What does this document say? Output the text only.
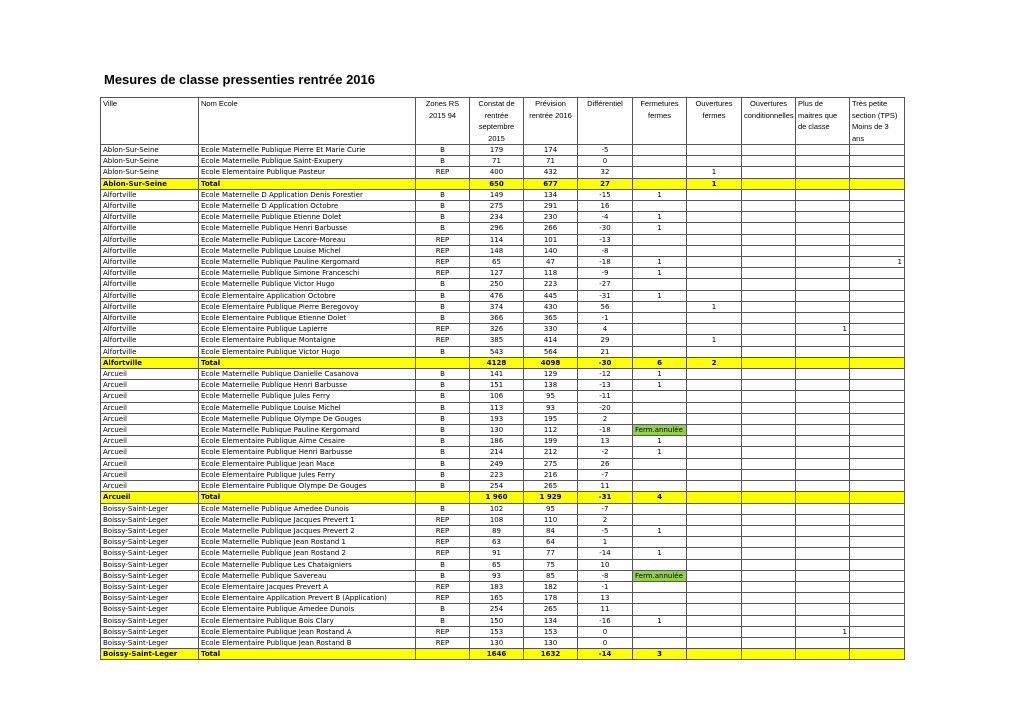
Mesures de classe pressenties rentrée 2016
Ville	Nom Ecole	Zones RS 2015 94	Constat de rentrée septembre 2015	Prévision rentrée 2016	Différentiel	Fermetures fermes	Ouvertures fermes	Ouvertures conditionnelles	Plus de maitres que de classe	Très petite section (TPS) Moins de 3 ans
Ablon-Sur-Seine	Ecole Maternelle Publique Pierre Et Marie Curie	B	179	174	-5					
Ablon-Sur-Seine	Ecole Maternelle Publique Saint-Exupery	B	71	71	0					
Ablon-Sur-Seine	Ecole Elementaire Publique Pasteur	REP	400	432	32		1			
Ablon-Sur-Seine	Total		650	677	27		1			
Alfortville	Ecole Maternelle D Application Denis Forestier	B	149	134	-15	1				
Alfortville	Ecole Maternelle D Application Octobre	B	275	291	16					
Alfortville	Ecole Maternelle Publique Etienne Dolet	B	234	230	-4	1				
Alfortville	Ecole Maternelle Publique Henri Barbusse	B	296	266	-30	1				
Alfortville	Ecole Maternelle Publique Lacore-Moreau	REP	114	101	-13					
Alfortville	Ecole Maternelle Publique Louise Michel	REP	148	140	-8					
Alfortville	Ecole Maternelle Publique Pauline Kergomard	REP	65	47	-18	1				1
Alfortville	Ecole Maternelle Publique Simone Franceschi	REP	127	118	-9	1				
Alfortville	Ecole Maternelle Publique Victor Hugo	B	250	223	-27					
Alfortville	Ecole Elementaire Application Octobre	B	476	445	-31	1				
Alfortville	Ecole Elementaire Publique Pierre Beregovoy	B	374	430	56		1			
Alfortville	Ecole Elementaire Publique Etienne Dolet	B	366	365	-1					
Alfortville	Ecole Elementaire Publique Lapierre	REP	326	330	4				1	
Alfortville	Ecole Elementaire Publique Montaigne	REP	385	414	29		1			
Alfortville	Ecole Elementaire Publique Victor Hugo	B	543	564	21					
Alfortville	Total		4128	4098	-30	6	2			
Arcueil	Ecole Maternelle Publique Danielle Casanova	B	141	129	-12	1				
Arcueil	Ecole Maternelle Publique Henri Barbusse	B	151	138	-13	1				
Arcueil	Ecole Maternelle Publique Jules Ferry	B	106	95	-11					
Arcueil	Ecole Maternelle Publique Louise Michel	B	113	93	-20					
Arcueil	Ecole Maternelle Publique Olympe De Gouges	B	193	195	2					
Arcueil	Ecole Maternelle Publique Pauline Kergomard	B	130	112	-18	Ferm.annulée				
Arcueil	Ecole Elementaire Publique Aime Cesaire	B	186	199	13	1				
Arcueil	Ecole Elementaire Publique Henri Barbusse	B	214	212	-2	1				
Arcueil	Ecole Elementaire Publique Jean Mace	B	249	275	26					
Arcueil	Ecole Elementaire Publique Jules Ferry	B	223	216	-7					
Arcueil	Ecole Elementaire Publique Olympe De Gouges	B	254	265	11					
Arcueil	Total		1 960	1 929	-31	4				
Boissy-Saint-Leger	Ecole Maternelle Publique Amedee Dunois	B	102	95	-7					
Boissy-Saint-Leger	Ecole Maternelle Publique Jacques Prevert 1	REP	108	110	2					
Boissy-Saint-Leger	Ecole Maternelle Publique Jacques Prevert 2	REP	89	84	-5	1				
Boissy-Saint-Leger	Ecole Maternelle Publique Jean Rostand 1	REP	63	64	1					
Boissy-Saint-Leger	Ecole Maternelle Publique Jean Rostand 2	REP	91	77	-14	1				
Boissy-Saint-Leger	Ecole Maternelle Publique Les Chataigniers	B	65	75	10					
Boissy-Saint-Leger	Ecole Maternelle Publique Savereau	B	93	85	-8	Ferm.annulée				
Boissy-Saint-Leger	Ecole Elementaire Jacques Prevert A	REP	183	182	-1					
Boissy-Saint-Leger	Ecole Elementaire Application Prevert B (Application)	REP	165	178	13					
Boissy-Saint-Leger	Ecole Elementaire Publique Amedee Dunois	B	254	265	11					
Boissy-Saint-Leger	Ecole Elementaire Publique Bois Clary	B	150	134	-16	1				
Boissy-Saint-Leger	Ecole Elementaire Publique Jean Rostand A	REP	153	153	0				1	
Boissy-Saint-Leger	Ecole Elementaire Publique Jean Rostand B	REP	130	130	0					
Boissy-Saint-Leger	Total		1646	1632	-14	3				
